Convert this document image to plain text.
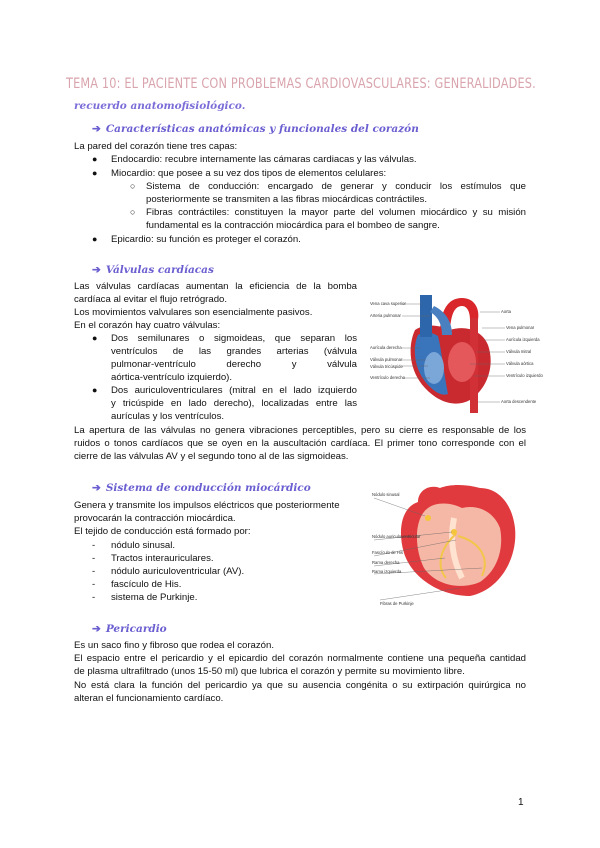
TEMA 10: EL PACIENTE CON PROBLEMAS CARDIOVASCULARES: GENERALIDADES.
recuerdo anatomofisiológico.
➔ Características anatómicas y funcionales del corazón
La pared del corazón tiene tres capas:
● Endocardio: recubre internamente las cámaras cardiacas y las válvulas.
● Miocardio: que posee a su vez dos tipos de elementos celulares:
○ Sistema de conducción: encargado de generar y conducir los estímulos que
posteriormente se transmiten a las fibras miocárdicas contráctiles.
○ Fibras contráctiles: constituyen la mayor parte del volumen miocárdico y su misión
fundamental es la contracción miocárdica para el bombeo de sangre.
● Epicardio: su función es proteger el corazón.
➔ Válvulas cardíacas
Las válvulas cardíacas aumentan la eficiencia de la bomba
cardíaca al evitar el flujo retrógrado.
Los movimientos valvulares son esencialmente pasivos.
En el corazón hay cuatro válvulas:
● Dos semilunares o sigmoideas, que separan los
ventrículos de las grandes arterias (válvula
pulmonar-ventrículo derecho y válvula
aórtica-ventrículo izquierdo).
● Dos auriculoventriculares (mitral en el lado izquierdo
y tricúspide en lado derecho), localizadas entre las
aurículas y los ventrículos.
La apertura de las válvulas no genera vibraciones perceptibles, pero su cierre es responsable de los
ruidos o tonos cardíacos que se oyen en la auscultación cardíaca. El primer tono corresponde con el
cierre de las válvulas AV y el segundo tono al de las sigmoideas.
Vena cava superior
Arteria pulmonar
Aurícula derecha
Válvula pulmonar
Válvula tricúspide
Ventrículo derecho
Aorta
Vena pulmonar
Aurícula izquierda
Válvula mitral
Válvula aórtica
Ventrículo izquierdo
Aorta descendente
➔ Sistema de conducción miocárdico
Genera y transmite los impulsos eléctricos que posteriormente
provocarán la contracción miocárdica.
El tejido de conducción está formado por:
- nódulo sinusal.
- Tractos interauriculares.
- nódulo auriculoventricular (AV).
- fascículo de His.
- sistema de Purkinje.
Nódulo sinusal
Nódulo auriculoventricular
Fascículo de His
Rama derecha
Rama izquierda
Fibras de Purkinje
➔ Pericardio
Es un saco fino y fibroso que rodea el corazón.
El espacio entre el pericardio y el epicardio del corazón normalmente contiene una pequeña cantidad
de plasma ultrafiltrado (unos 15-50 ml) que lubrica el corazón y permite su movimiento libre.
No está clara la función del pericardio ya que su ausencia congénita o su extirpación quirúrgica no
alteran el funcionamiento cardíaco.
1
